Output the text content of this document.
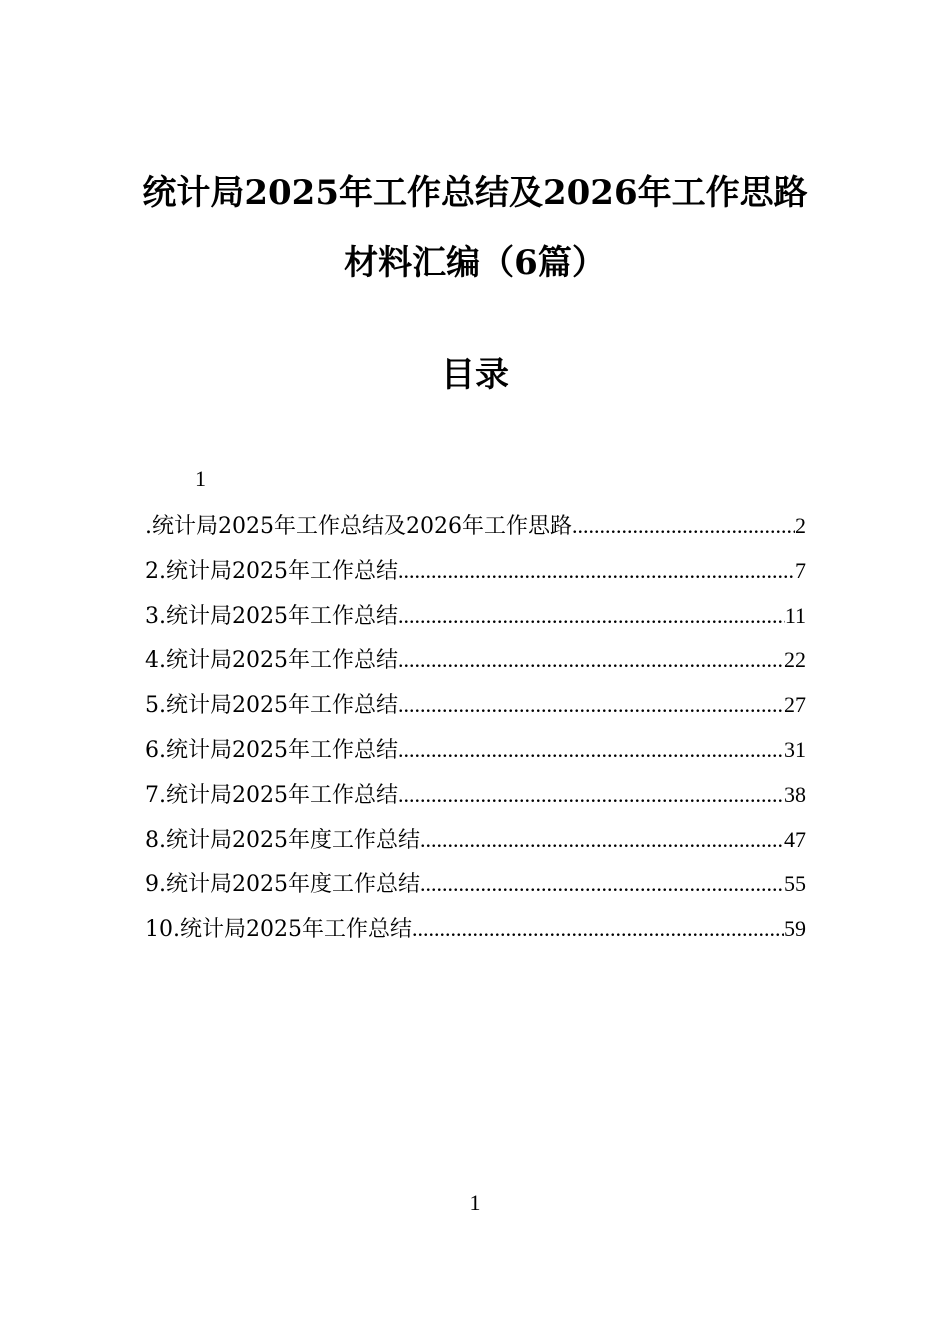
统计局2025年工作总结及2026年工作思路
材料汇编（6篇）
目录
1
.统计局2025年工作总结及2026年工作思路 .....	2
2.统计局2025年工作总结 .....	7
3.统计局2025年工作总结 .....	11
4.统计局2025年工作总结 .....	22
5.统计局2025年工作总结 .....	27
6.统计局2025年工作总结 .....	31
7.统计局2025年工作总结 .....	38
8.统计局2025年度工作总结 .....	47
9.统计局2025年度工作总结 .....	55
10.统计局2025年工作总结 .....	59
1
